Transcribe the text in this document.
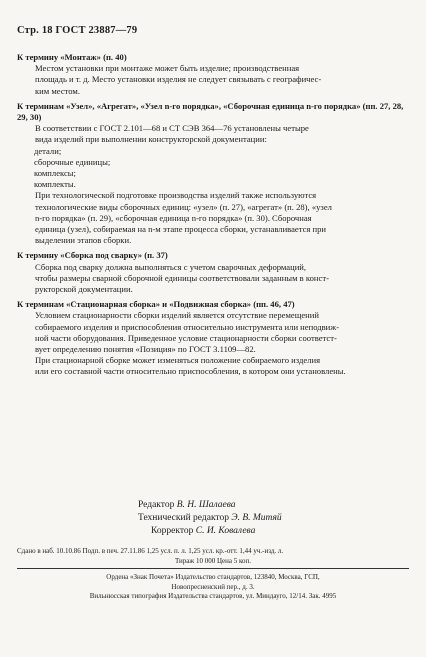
Стр. 18 ГОСТ 23887—79

К термину «Монтаж» (п. 40)

Местом установки при монтаже может быть изделие; производственная
площадь и т. д. Место установки изделия не следует связывать с географичес-
ким местом.

К терминам «Узел», «Агрегат», «Узел n-го порядка», «Сборочная единица n-го порядка» (пп. 27, 28, 29, 30)

В соответствии с ГОСТ 2.101—68 и СТ СЭВ 364—76 установлены четыре
вида изделий при выполнении конструкторской документации:

детали;
сборочные единицы;
комплексы;
комплекты.

При технологической подготовке производства изделий также используются
технологические виды сборочных единиц: «узел» (п. 27), «агрегат» (п. 28), «узел
n-го порядка» (п. 29), «сборочная единица n-го порядка» (п. 30). Сборочная
единица (узел), собираемая на n-м этапе процесса сборки, устанавливается при
выделении этапов сборки.

К термину «Сборка под сварку» (п. 37)

Сборка под сварку должна выполняться с учетом сварочных деформаций,
чтобы размеры сварной сборочной единицы соответствовали заданным в конст-
рукторской документации.

К терминам «Стационарная сборка» и «Подвижная сборка» (пп. 46, 47)

Условием стационарности сборки изделий является отсутствие перемещений
собираемого изделия и приспособления относительно инструмента или неподвиж-
ной части оборудования. Приведенное условие стационарности сборки соответст-
вует определению понятия «Позиция» по ГОСТ 3.1109—82.

При стационарной сборке может изменяться положение собираемого изделия
или его составной части относительно приспособления, в котором они установлены.

Редактор В. Н. Шалаева
Технический редактор Э. В. Митяй
Корректор С. И. Ковалева
Сдано в наб. 10.10.86 Подп. в печ. 27.11.86 1,25 усл. п. л. 1,25 усл. кр.-отт. 1,44 уч.-изд. л.
Тираж 10 000 Цена 5 коп.
Ордена «Знак Почета» Издательство стандартов, 123840, Москва, ГСП,
Новопресненский пер., д. 3.
Вильнюсская типография Издательства стандартов, ул. Миндауго, 12/14. Зак. 4995
